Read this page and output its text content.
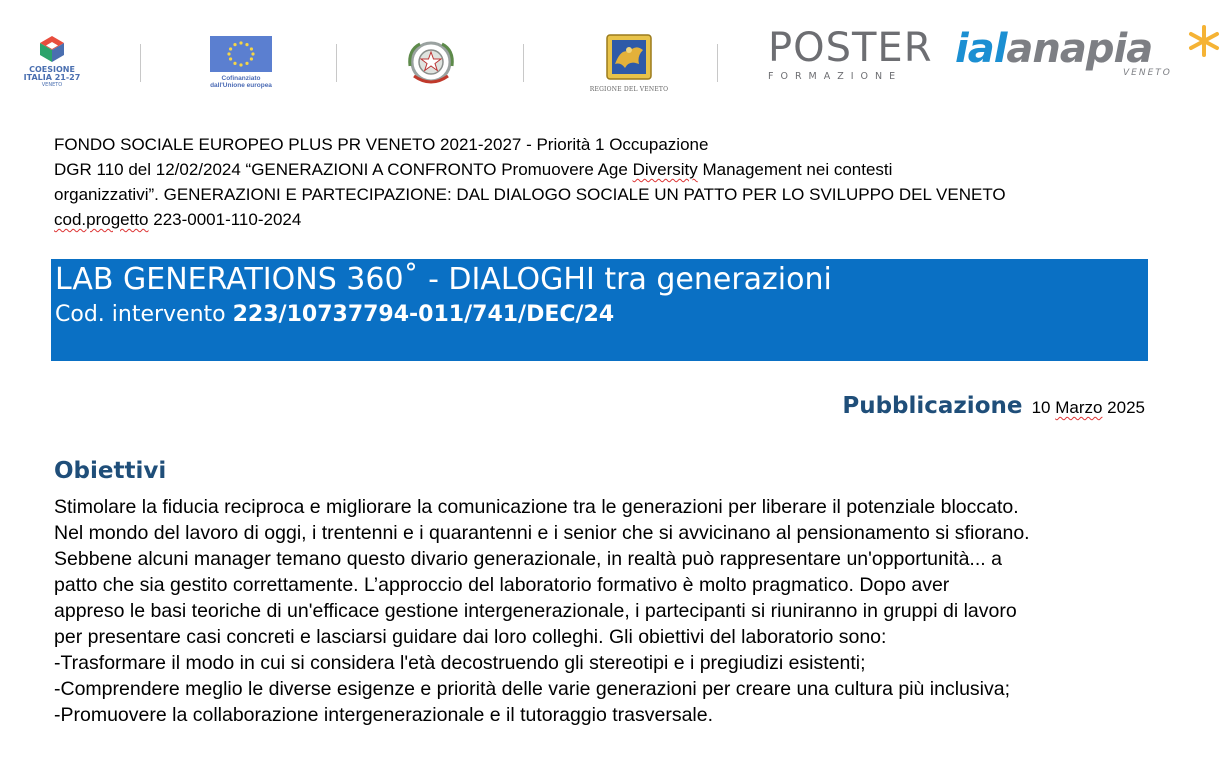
COESIONE
ITALIA 21-27
VENETO
Cofinanziato
dall'Unione europea
REGIONE DEL VENETO
POSTER
FORMAZIONE
ialanapia
VENETO

FONDO SOCIALE EUROPEO PLUS PR VENETO 2021-2027 - Priorità 1 Occupazione

DGR 110 del 12/02/2024 “GENERAZIONI A CONFRONTO Promuovere Age Diversity Management nei contesti

organizzativi”. GENERAZIONI E PARTECIPAZIONE: DAL DIALOGO SOCIALE UN PATTO PER LO SVILUPPO DEL VENETO

cod.progetto 223-0001-110-2024

LAB GENERATIONS 360˚ - DIALOGHI tra generazioni
Cod. intervento 223/10737794-011/741/DEC/24
Pubblicazione 10 Marzo 2025
Obiettivi

Stimolare la fiducia reciproca e migliorare la comunicazione tra le generazioni per liberare il potenziale bloccato.

Nel mondo del lavoro di oggi, i trentenni e i quarantenni e i senior che si avvicinano al pensionamento si sfiorano.

Sebbene alcuni manager temano questo divario generazionale, in realtà può rappresentare un'opportunità... a

patto che sia gestito correttamente. L’approccio del laboratorio formativo è molto pragmatico. Dopo aver

appreso le basi teoriche di un'efficace gestione intergenerazionale, i partecipanti si riuniranno in gruppi di lavoro

per presentare casi concreti e lasciarsi guidare dai loro colleghi. Gli obiettivi del laboratorio sono:

-Trasformare il modo in cui si considera l'età decostruendo gli stereotipi e i pregiudizi esistenti;

-Comprendere meglio le diverse esigenze e priorità delle varie generazioni per creare una cultura più inclusiva;

-Promuovere la collaborazione intergenerazionale e il tutoraggio trasversale.
